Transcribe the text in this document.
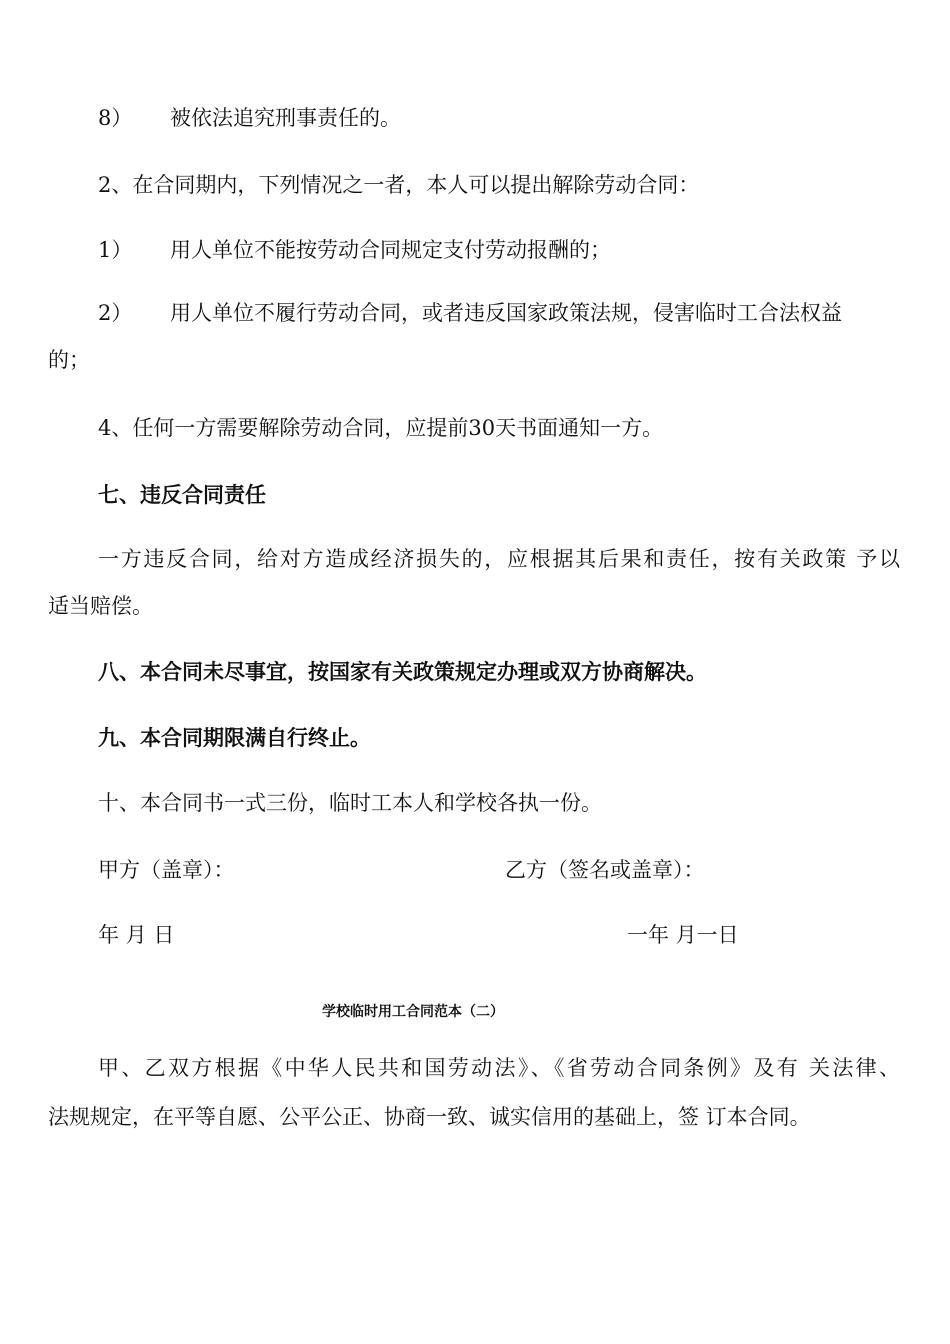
8） 被依法追究刑事责任的。
2、在合同期内，下列情况之一者，本人可以提出解除劳动合同：
1） 用人单位不能按劳动合同规定支付劳动报酬的；
2） 用人单位不履行劳动合同，或者违反国家政策法规，侵害临时工合法权益
的；
4、任何一方需要解除劳动合同，应提前30天书面通知一方。
七、违反合同责任
一方违反合同，给对方造成经济损失的，应根据其后果和责任，按有关政策 予以
适当赔偿。
八、本合同未尽事宜，按国家有关政策规定办理或双方协商解决。
九、本合同期限满自行终止。
十、本合同书一式三份，临时工本人和学校各执一份。
甲方（盖章）：	乙方（签名或盖章）：
年 月 日	一年 月一日
学校临时用工合同范本（二）
甲、乙双方根据《中华人民共和国劳动法》、《省劳动合同条例》及有 关法律、
法规规定，在平等自愿、公平公正、协商一致、诚实信用的基础上，签 订本合同。
